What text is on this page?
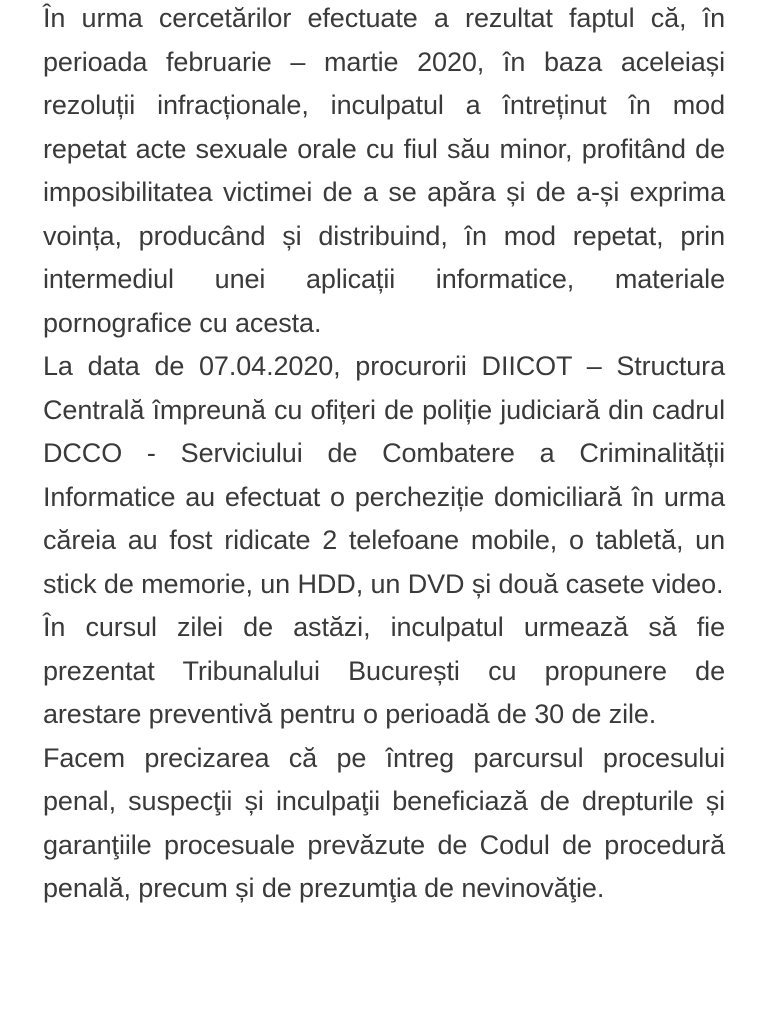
În urma cercetărilor efectuate a rezultat faptul că, în perioada februarie – martie 2020, în baza aceleiași rezoluții infracționale, inculpatul a întreținut în mod repetat acte sexuale orale cu fiul său minor, profitând de imposibilitatea victimei de a se apăra și de a-și exprima voința, producând și distribuind, în mod repetat, prin intermediul unei aplicații informatice, materiale pornografice cu acesta.

La data de 07.04.2020, procurorii DIICOT – Structura Centrală împreună cu ofițeri de poliție judiciară din cadrul DCCO - Serviciului de Combatere a Criminalității Informatice au efectuat o percheziție domiciliară în urma căreia au fost ridicate 2 telefoane mobile, o tabletă, un stick de memorie, un HDD, un DVD și două casete video.

În cursul zilei de astăzi, inculpatul urmează să fie prezentat Tribunalului București cu propunere de arestare preventivă pentru o perioadă de 30 de zile.

Facem precizarea că pe întreg parcursul procesului penal, suspecţii și inculpaţii beneficiază de drepturile și garanţiile procesuale prevăzute de Codul de procedură penală, precum și de prezumţia de nevinovăţie.
